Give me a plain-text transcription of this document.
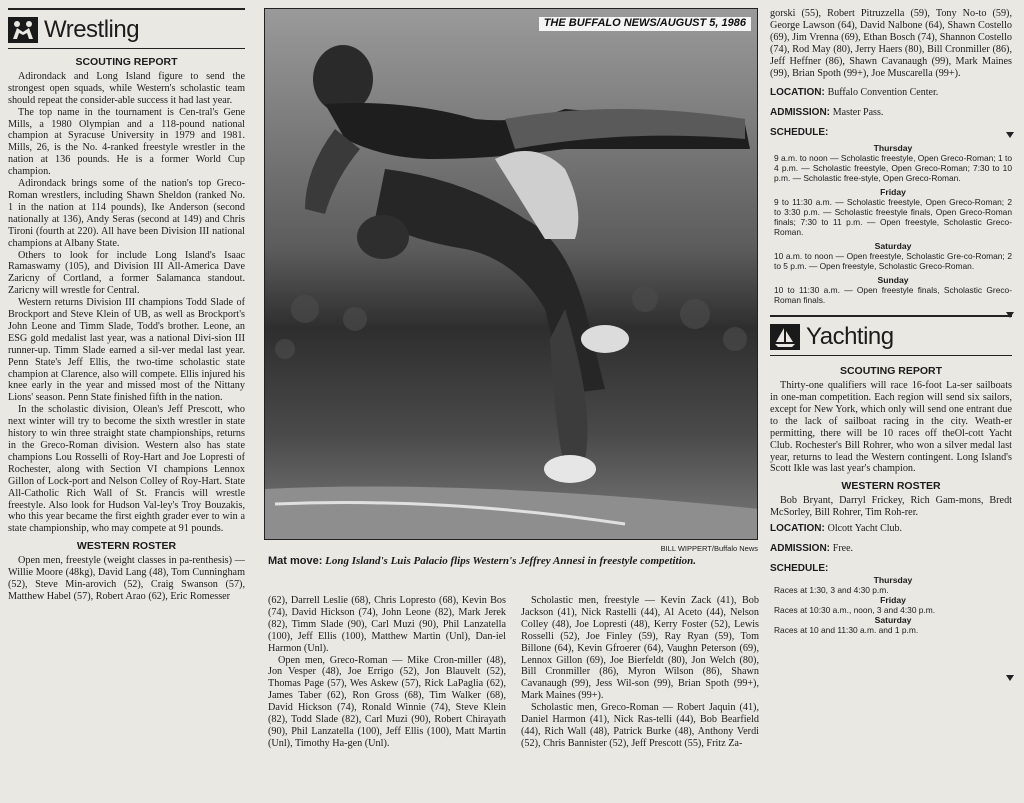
Wrestling
SCOUTING REPORT

Adirondack and Long Island figure to send the strongest open squads, while Western's scholastic team should repeat the consider-able success it had last year.

The top name in the tournament is Cen-tral's Gene Mills, a 1980 Olympian and a 118-pound national champion at Syracuse University in 1979 and 1981. Mills, 26, is the No. 4-ranked freestyle wrestler in the nation at 136 pounds. He is a former World Cup champion.

Adirondack brings some of the nation's top Greco-Roman wrestlers, including Shawn Sheldon (ranked No. 1 in the nation at 114 pounds), Ike Anderson (second nationally at 136), Andy Seras (second at 149) and Chris Tironi (fourth at 220). All have been Division III national champions at Albany State.

Others to look for include Long Island's Isaac Ramaswamy (105), and Division III All-America Dave Zaricny of Cortland, a former Salamanca standout. Zaricny will wrestle for Central.

Western returns Division III champions Todd Slade of Brockport and Steve Klein of UB, as well as Brockport's John Leone and Timm Slade, Todd's brother. Leone, an ESG gold medalist last year, was a national Divi-sion III runner-up. Timm Slade earned a sil-ver medal last year. Penn State's Jeff Ellis, the two-time scholastic state champion at Clarence, also will compete. Ellis injured his knee early in the year and missed most of the Nittany Lions' season. Penn State finished fifth in the nation.

In the scholastic division, Olean's Jeff Prescott, who next winter will try to become the sixth wrestler in state history to win three straight state championships, returns in the Greco-Roman division. Western also has state champions Lou Rosselli of Roy-Hart and Joe Lopresti of Rochester, along with Section VI champions Lennox Gillon of Lock-port and Nelson Colley of Roy-Hart. State All-Catholic Rich Wall of St. Francis will wrestle freestyle. Also look for Hudson Val-ley's Troy Bouzakis, who this year became the first eighth grader ever to win a state championship, who may compete at 91 pounds.

WESTERN ROSTER

Open men, freestyle (weight classes in pa-renthesis) — Willie Moore (48kg), David Lang (48), Tom Cunningham (52), Steve Min-arovich (52), Craig Swanson (57), Matthew Habel (57), Robert Arao (62), Eric Romesser

THE BUFFALO NEWS/AUGUST 5, 1986
BILL WIPPERT/Buffalo News
Mat move: Long Island's Luis Palacio flips Western's Jeffrey Annesi in freestyle competition.

(62), Darrell Leslie (68), Chris Lopresto (68), Kevin Bos (74), David Hickson (74), John Leone (82), Mark Jerek (82), Timm Slade (90), Carl Muzi (90), Phil Lanzatella (100), Jeff Ellis (100), Matthew Martin (Unl), Dan-iel Harmon (Unl).

Open men, Greco-Roman — Mike Cron-miller (48), Jon Vesper (48), Joe Errigo (52), Jon Blauvelt (52), Thomas Page (57), Wes Askew (57), Rick LaPaglia (62), James Taber (62), Ron Gross (68), Tim Walker (68), David Hickson (74), Ronald Winnie (74), Steve Klein (82), Todd Slade (82), Carl Muzi (90), Robert Chirayath (90), Phil Lanzatella (100), Jeff Ellis (100), Matt Martin (Unl), Timothy Ha-gen (Unl).

Scholastic men, freestyle — Kevin Zack (41), Bob Jackson (41), Nick Rastelli (44), Al Aceto (44), Nelson Colley (48), Joe Lopresti (48), Kerry Foster (52), Lewis Rosselli (52), Joe Finley (59), Ray Ryan (59), Tom Billone (64), Kevin Gfroerer (64), Vaughn Peterson (69), Lennox Gillon (69), Joe Bierfeldt (80), Jon Welch (80), Bill Cronmiller (86), Myron Wilson (86), Shawn Cavanaugh (99), Jess Wil-son (99), Brian Spoth (99+), Mark Maines (99+).

Scholastic men, Greco-Roman — Robert Jaquin (41), Daniel Harmon (41), Nick Ras-telli (44), Bob Bearfield (44), Rich Wall (48), Patrick Burke (48), Anthony Verdi (52), Chris Bannister (52), Jeff Prescott (55), Fritz Za-

gorski (55), Robert Pitruzzella (59), Tony No-to (59), George Lawson (64), David Nalbone (64), Shawn Costello (69), Jim Vrenna (69), Ethan Bosch (74), Shannon Costello (74), Rod May (80), Jerry Haers (80), Bill Cronmiller (86), Jeff Heffner (86), Shawn Cavanaugh (99), Mark Maines (99), Brian Spoth (99+), Joe Muscarella (99+).

LOCATION: Buffalo Convention Center.
ADMISSION: Master Pass.
SCHEDULE:
Thursday
9 a.m. to noon — Scholastic freestyle, Open Greco-Roman; 1 to 4 p.m. — Scholastic freestyle, Open Greco-Roman; 7:30 to 10 p.m. — Scholastic free-style, Open Greco-Roman.
Friday
9 to 11:30 a.m. — Scholastic freestyle, Open Greco-Roman; 2 to 3:30 p.m. — Scholastic freestyle finals, Open Greco-Roman finals; 7:30 to 11 p.m. — Open freestyle, Scholastic Greco-Roman.
Saturday
10 a.m. to noon — Open freestyle, Scholastic Gre-co-Roman; 2 to 5 p.m. — Open freestyle, Scholastic Greco-Roman.
Sunday
10 to 11:30 a.m. — Open freestyle finals, Scholastic Greco-Roman finals.
Yachting
SCOUTING REPORT

Thirty-one qualifiers will race 16-foot La-ser sailboats in one-man competition. Each region will send six sailors, except for New York, which only will send one entrant due to the lack of sailboat racing in the city. Weath-er permitting, there will be 10 races off theOl-cott Yacht Club. Rochester's Bill Rohrer, who won a silver medal last year, returns to lead the Western contingent. Long Island's Scott Ikle was last year's champion.

WESTERN ROSTER

Bob Bryant, Darryl Frickey, Rich Gam-mons, Bredt McSorley, Bill Rohrer, Tim Roh-rer.

LOCATION: Olcott Yacht Club.
ADMISSION: Free.
SCHEDULE:
Thursday
Races at 1:30, 3 and 4:30 p.m.
Friday
Races at 10:30 a.m., noon, 3 and 4:30 p.m.
Saturday
Races at 10 and 11:30 a.m. and 1 p.m.
